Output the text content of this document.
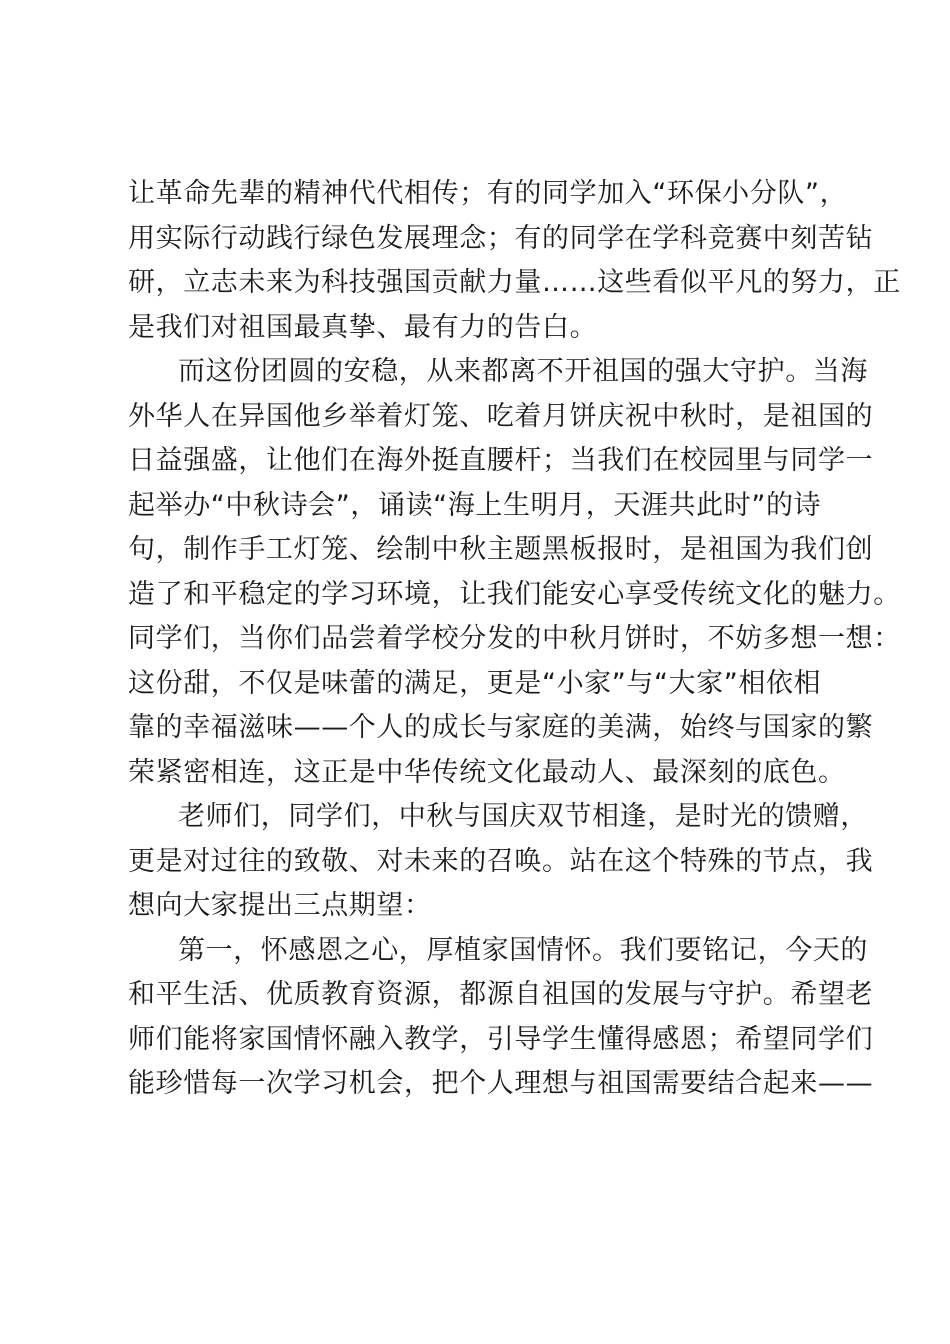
让革命先辈的精神代代相传；有的同学加入“环保小分队”，
用实际行动践行绿色发展理念；有的同学在学科竞赛中刻苦钻
研，立志未来为科技强国贡献力量……这些看似平凡的努力，正
是我们对祖国最真挚、最有力的告白。
而这份团圆的安稳，从来都离不开祖国的强大守护。当海
外华人在异国他乡举着灯笼、吃着月饼庆祝中秋时，是祖国的
日益强盛，让他们在海外挺直腰杆；当我们在校园里与同学一
起举办“中秋诗会”，诵读“海上生明月，天涯共此时”的诗
句，制作手工灯笼、绘制中秋主题黑板报时，是祖国为我们创
造了和平稳定的学习环境，让我们能安心享受传统文化的魅力。
同学们，当你们品尝着学校分发的中秋月饼时，不妨多想一想：
这份甜，不仅是味蕾的满足，更是“小家”与“大家”相依相
靠的幸福滋味——个人的成长与家庭的美满，始终与国家的繁
荣紧密相连，这正是中华传统文化最动人、最深刻的底色。
老师们，同学们，中秋与国庆双节相逢，是时光的馈赠，
更是对过往的致敬、对未来的召唤。站在这个特殊的节点，我
想向大家提出三点期望：
第一，怀感恩之心，厚植家国情怀。我们要铭记，今天的
和平生活、优质教育资源，都源自祖国的发展与守护。希望老
师们能将家国情怀融入教学，引导学生懂得感恩；希望同学们
能珍惜每一次学习机会，把个人理想与祖国需要结合起来——
